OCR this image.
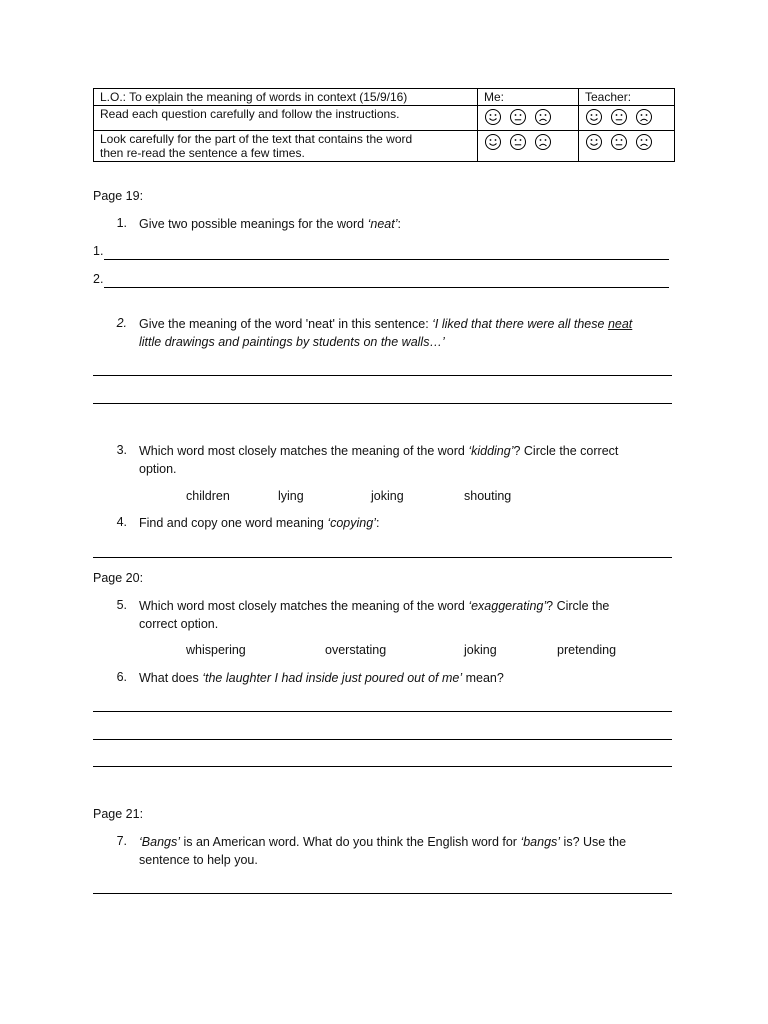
L.O.: To explain the meaning of words in context (15/9/16)	Me:	Teacher:
Read each question carefully and follow the instructions.	

Look carefully for the part of the text that contains the word
then re-read the sentence a few times.

Page 19:
1. Give two possible meanings for the word ‘neat’:
1.
2.
2. Give the meaning of the word 'neat' in this sentence: ‘I liked that there were all these neat
little drawings and paintings by students on the walls…’
3. Which word most closely matches the meaning of the word ‘kidding’? Circle the correct
option.
children	lying	joking	shouting
4. Find and copy one word meaning ‘copying’:
Page 20:
5. Which word most closely matches the meaning of the word ‘exaggerating’? Circle the
correct option.
whispering	overstating	joking	pretending
6. What does ‘the laughter I had inside just poured out of me’ mean?
Page 21:
7. ‘Bangs’ is an American word. What do you think the English word for ‘bangs’ is? Use the
sentence to help you.
